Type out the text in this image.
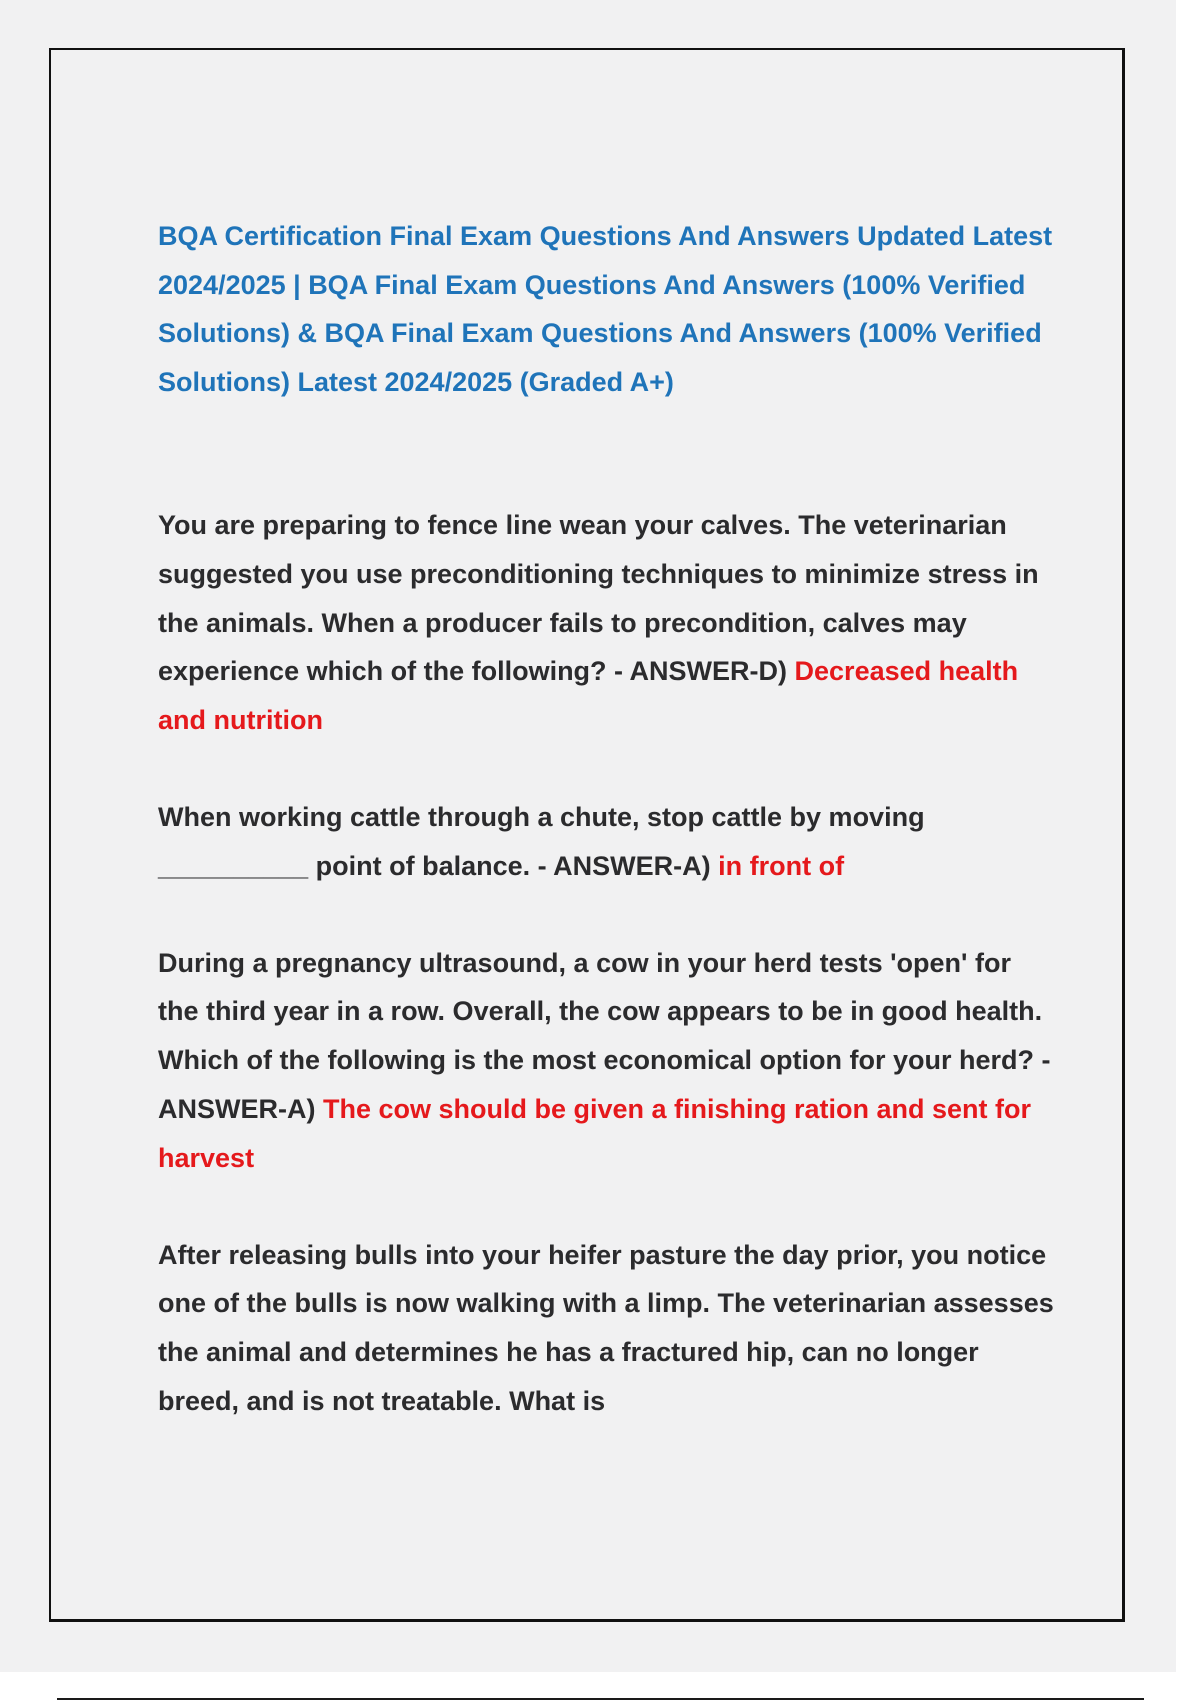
BQA Certification Final Exam Questions And Answers Updated Latest 2024/2025 | BQA Final Exam Questions And Answers (100% Verified Solutions) & BQA Final Exam Questions And Answers (100% Verified Solutions) Latest 2024/2025 (Graded A+)

You are preparing to fence line wean your calves. The veterinarian suggested you use preconditioning techniques to minimize stress in the animals. When a producer fails to precondition, calves may experience which of the following? - ANSWER-D) Decreased health and nutrition

When working cattle through a chute, stop cattle by moving __________ point of balance. - ANSWER-A) in front of

During a pregnancy ultrasound, a cow in your herd tests 'open' for the third year in a row. Overall, the cow appears to be in good health. Which of the following is the most economical option for your herd? - ANSWER-A) The cow should be given a finishing ration and sent for harvest

After releasing bulls into your heifer pasture the day prior, you notice one of the bulls is now walking with a limp. The veterinarian assesses the animal and determines he has a fractured hip, can no longer breed, and is not treatable. What is
